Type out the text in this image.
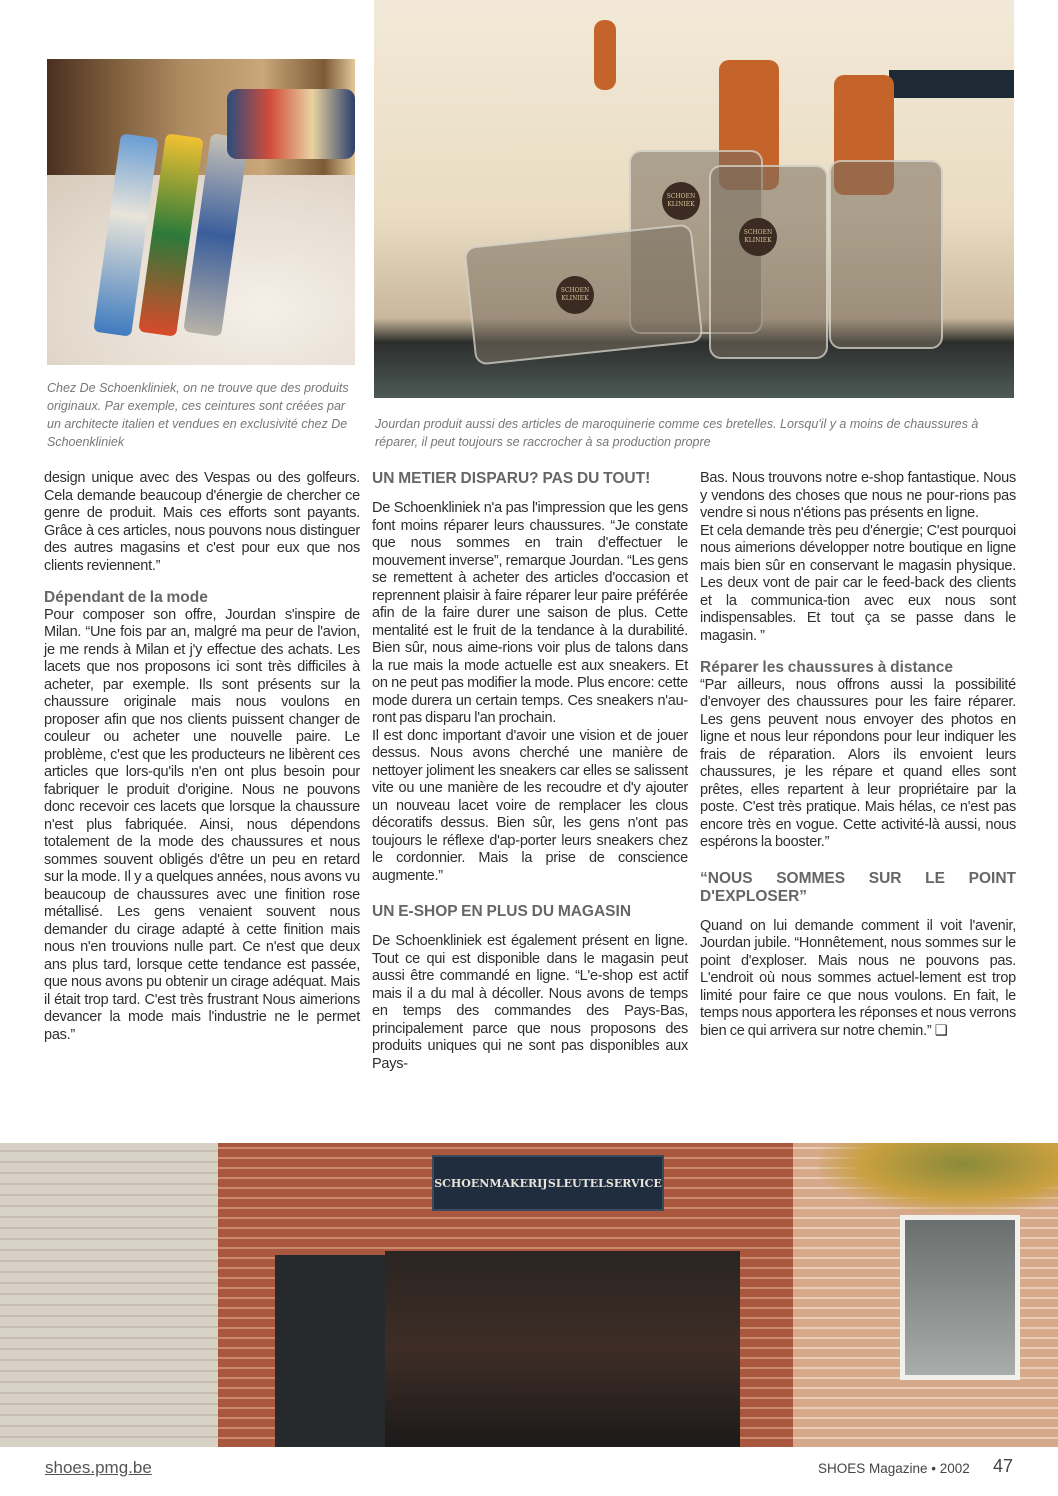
Chez De Schoenkliniek, on ne trouve que des produits originaux. Par exemple, ces ceintures sont créées par un architecte italien et vendues en exclusivité chez De Schoenkliniek
SCHOEN KLINIEK
SCHOEN KLINIEK
SCHOEN KLINIEK
Jourdan produit aussi des articles de maroquinerie comme ces bretelles. Lorsqu'il y a moins de chaussures à réparer, il peut toujours se raccrocher à sa production propre

design unique avec des Vespas ou des golfeurs. Cela demande beaucoup d'énergie de chercher ce genre de produit. Mais ces efforts sont payants. Grâce à ces articles, nous pouvons nous distinguer des autres magasins et c'est pour eux que nos clients reviennent.”

Dépendant de la mode

Pour composer son offre, Jourdan s'inspire de Milan. “Une fois par an, malgré ma peur de l'avion, je me rends à Milan et j'y effectue des achats. Les lacets que nos proposons ici sont très difficiles à acheter, par exemple. Ils sont présents sur la chaussure originale mais nous voulons en proposer afin que nos clients puissent changer de couleur ou acheter une nouvelle paire. Le problème, c'est que les producteurs ne libèrent ces articles que lors-qu'ils n'en ont plus besoin pour fabriquer le produit d'origine. Nous ne pouvons donc recevoir ces lacets que lorsque la chaussure n'est plus fabriquée. Ainsi, nous dépendons totalement de la mode des chaussures et nous sommes souvent obligés d'être un peu en retard sur la mode. Il y a quelques années, nous avons vu beaucoup de chaussures avec une finition rose métallisé. Les gens venaient souvent nous demander du cirage adapté à cette finition mais nous n'en trouvions nulle part. Ce n'est que deux ans plus tard, lorsque cette tendance est passée, que nous avons pu obtenir un cirage adéquat. Mais il était trop tard. C'est très frustrant Nous aimerions devancer la mode mais l'industrie ne le permet pas.”

UN METIER DISPARU? PAS DU TOUT!

De Schoenkliniek n'a pas l'impression que les gens font moins réparer leurs chaussures. “Je constate que nous sommes en train d'effectuer le mouvement inverse”, remarque Jourdan. “Les gens se remettent à acheter des articles d'occasion et reprennent plaisir à faire réparer leur paire préférée afin de la faire durer une saison de plus. Cette mentalité est le fruit de la tendance à la durabilité. Bien sûr, nous aime-rions voir plus de talons dans la rue mais la mode actuelle est aux sneakers. Et on ne peut pas modifier la mode. Plus encore: cette mode durera un certain temps. Ces sneakers n'au-ront pas disparu l'an prochain.

Il est donc important d'avoir une vision et de jouer dessus. Nous avons cherché une manière de nettoyer joliment les sneakers car elles se salissent vite ou une manière de les recoudre et d'y ajouter un nouveau lacet voire de remplacer les clous décoratifs dessus. Bien sûr, les gens n'ont pas toujours le réflexe d'ap-porter leurs sneakers chez le cordonnier. Mais la prise de conscience augmente.”

UN E-SHOP EN PLUS DU MAGASIN

De Schoenkliniek est également présent en ligne. Tout ce qui est disponible dans le magasin peut aussi être commandé en ligne. “L'e-shop est actif mais il a du mal à décoller. Nous avons de temps en temps des commandes des Pays-Bas, principalement parce que nous proposons des produits uniques qui ne sont pas disponibles aux Pays-

Bas. Nous trouvons notre e-shop fantastique. Nous y vendons des choses que nous ne pour-rions pas vendre si nous n'étions pas présents en ligne.

Et cela demande très peu d'énergie; C'est pourquoi nous aimerions développer notre boutique en ligne mais bien sûr en conservant le magasin physique. Les deux vont de pair car le feed-back des clients et la communica-tion avec eux nous sont indispensables. Et tout ça se passe dans le magasin. ”

Réparer les chaussures à distance

“Par ailleurs, nous offrons aussi la possibilité d'envoyer des chaussures pour les faire réparer. Les gens peuvent nous envoyer des photos en ligne et nous leur répondons pour leur indiquer les frais de réparation. Alors ils envoient leurs chaussures, je les répare et quand elles sont prêtes, elles repartent à leur propriétaire par la poste. C'est très pratique. Mais hélas, ce n'est pas encore très en vogue. Cette activité-là aussi, nous espérons la booster.”

“NOUS SOMMES SUR LE POINT D'EXPLOSER”

Quand on lui demande comment il voit l'avenir, Jourdan jubile. “Honnêtement, nous sommes sur le point d'exploser. Mais nous ne pouvons pas. L'endroit où nous sommes actuel-lement est trop limité pour faire ce que nous voulons. En fait, le temps nous apportera les réponses et nous verrons bien ce qui arrivera sur notre chemin.” ❑

SCHOENMAKERIJ SLEUTELSERVICE
shoes.pmg.be	SHOES Magazine • 2002 47
